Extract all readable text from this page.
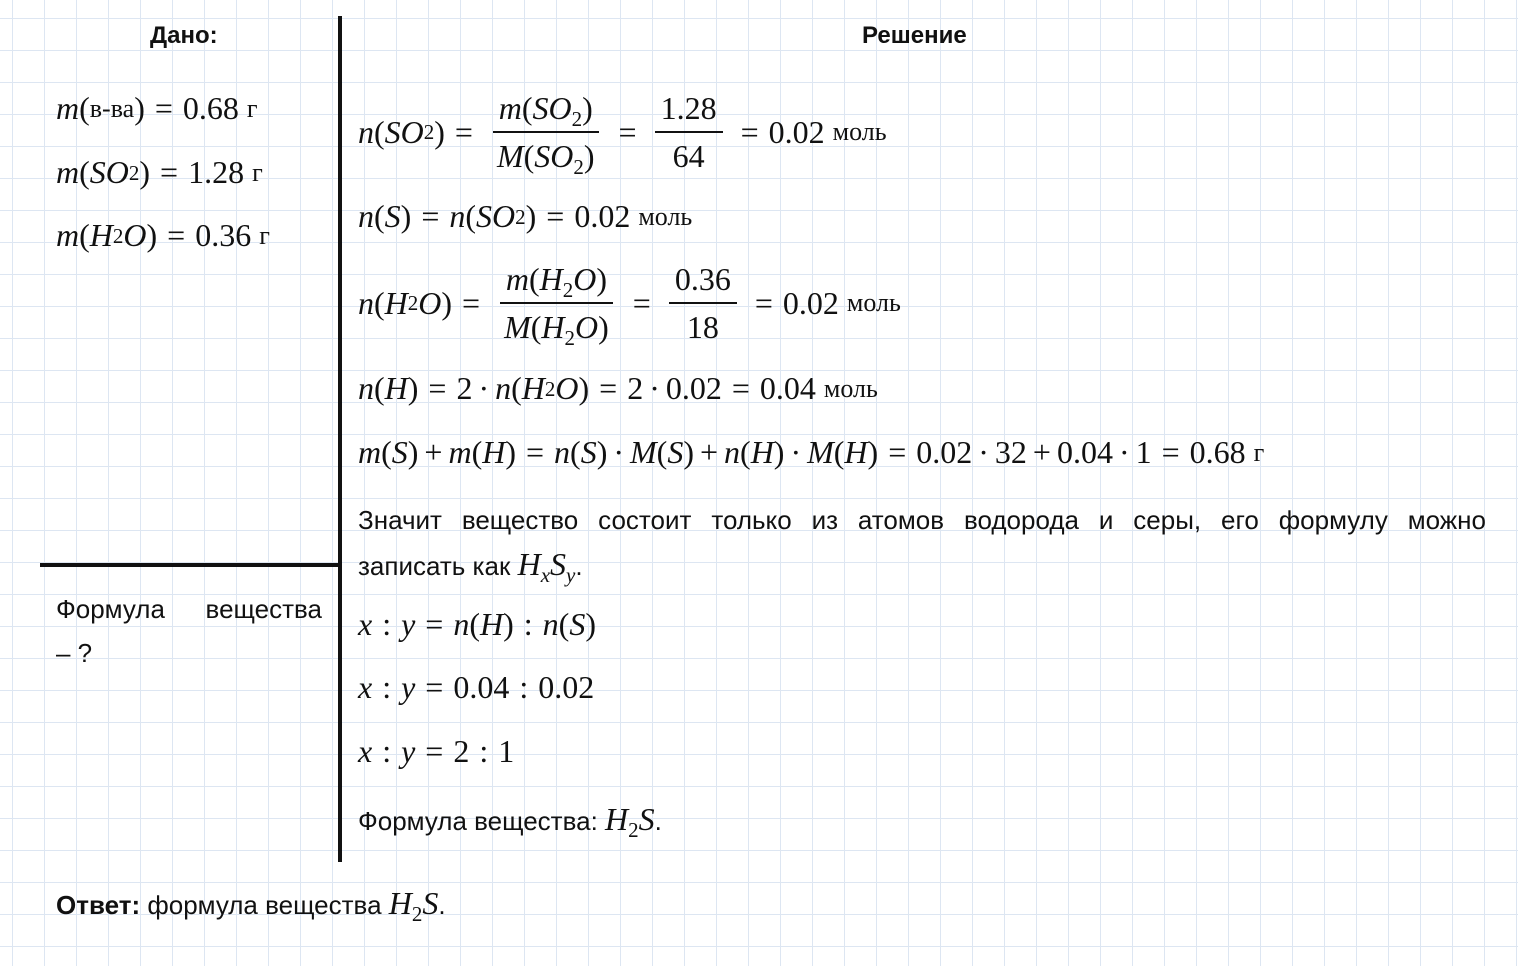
Дано:
m ( в-ва ) = 0.68
г
m ( SO 2 ) = 1.28
г
m ( H 2 O ) = 0.36
г
Формула вещества
– ?
Решение
n ( SO 2 ) = $\frac{m(SO_2)}{M(SO_2)} = \frac{1.28}{64} = 0.02$
моль
n ( S ) = n ( SO 2 ) = 0.02
моль
n ( H 2 O ) = $\frac{m(H_2O)}{M(H_2O)} = \frac{0.36}{18} = 0.02$
моль
n ( H ) = 2 · n ( H 2 O ) = 2 · 0.02 = 0.04
моль
m ( S ) + m ( H ) = n ( S ) · M ( S ) + n ( H ) · M ( H ) = 0.02 · 32 + 0.04 · 1 = 0.68
г
Значит вещество состоит только из атомов водорода и серы, его формулу можно
записать как $H_xS_y$.
x : y = n ( H ) : n ( S )
x : y = 0.04 : 0.02
x : y = 2 : 1
Формула вещества: $H_2S$.
Ответ: формула вещества $H_2S$.
